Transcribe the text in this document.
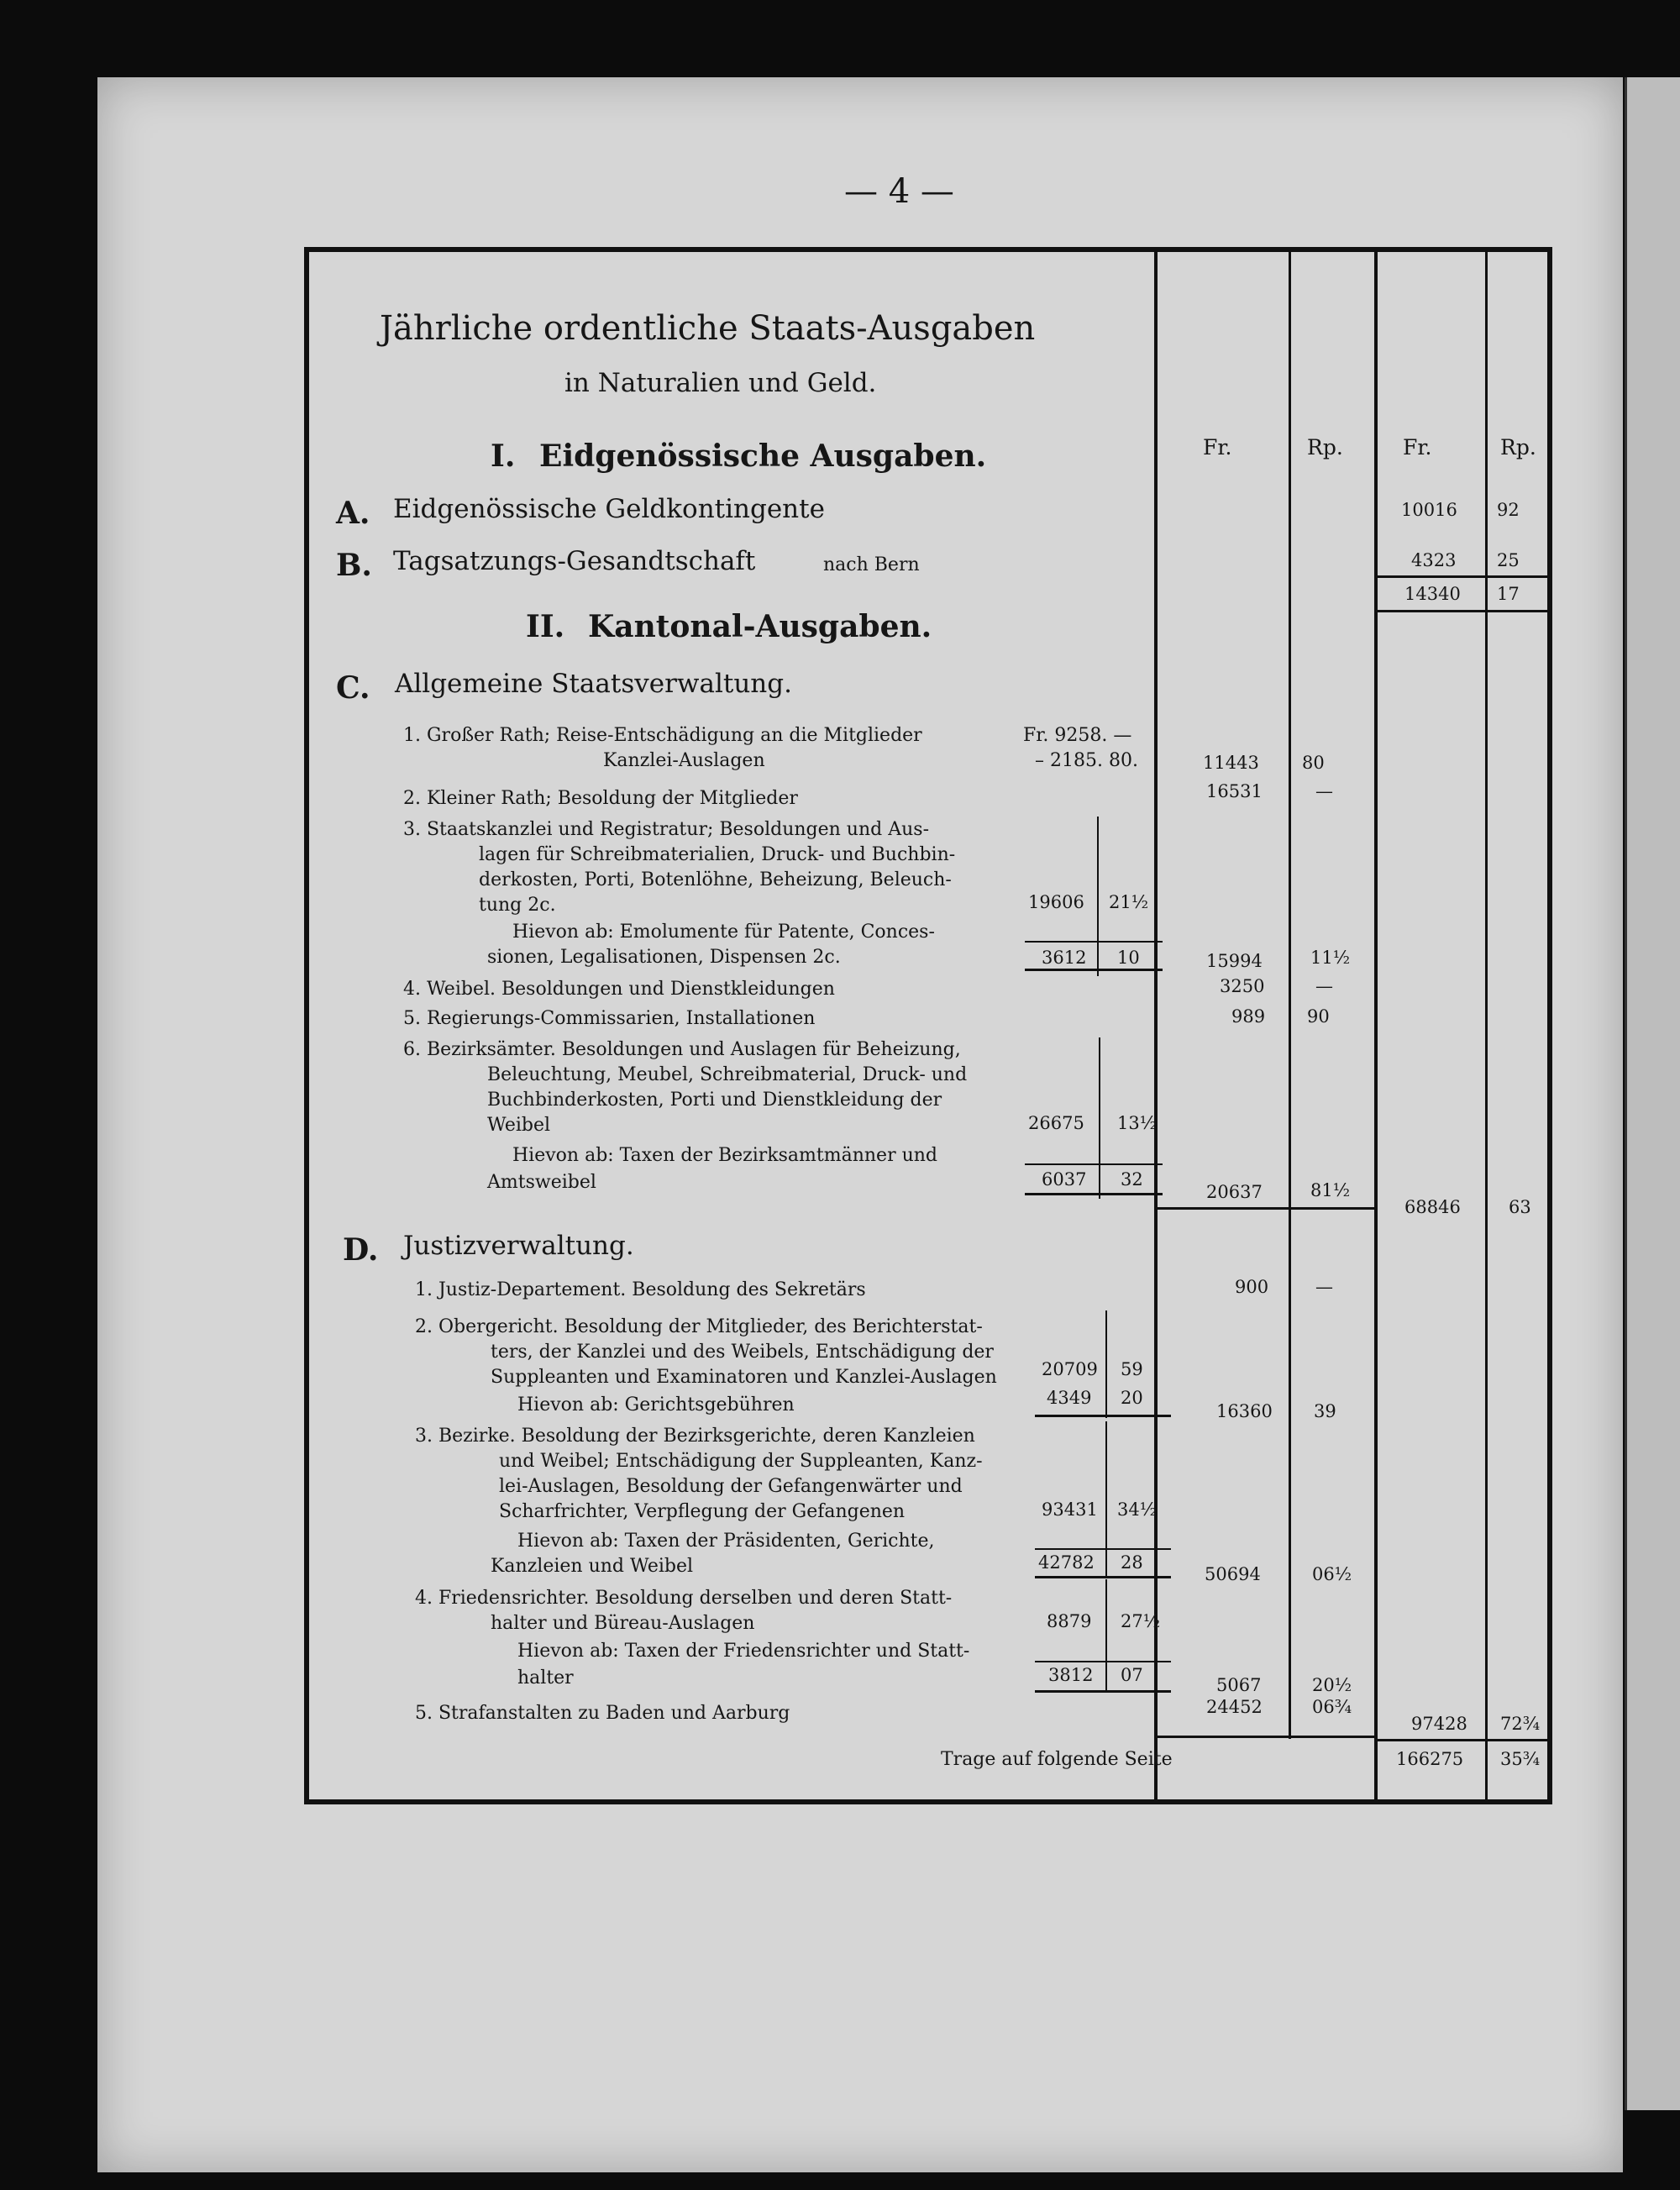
— 4 —
Jährliche ordentliche Staats-Ausgaben
in Naturalien und Geld.
Fr.	Rp.	Fr.	Rp.
I. Eidgenössische Ausgaben.
A. Eidgenössische Geldkontingente	10016 92
B. Tagsatzungs-Gesandtschaft	nach Bern	4323 25
14340 17
II. Kantonal-Ausgaben.
C. Allgemeine Staatsverwaltung.
1. Großer Rath; Reise-Entschädigung an die Mitglieder	Fr. 9258. —
Kanzlei-Auslagen	– 2185. 80.	11443 80
2. Kleiner Rath; Besoldung der Mitglieder	16531	—
3. Staatskanzlei und Registratur; Besoldungen und Aus-
lagen für Schreibmaterialien, Druck- und Buchbin-
derkosten, Porti, Botenlöhne, Beheizung, Beleuch-
tung 2c.	19606 21½
Hievon ab: Emolumente für Patente, Conces-
sionen, Legalisationen, Dispensen 2c.	3612 10	15994	11½
4. Weibel. Besoldungen und Dienstkleidungen	3250	—
5. Regierungs-Commissarien, Installationen	989 90
6. Bezirksämter. Besoldungen und Auslagen für Beheizung,
Beleuchtung, Meubel, Schreibmaterial, Druck- und
Buchbinderkosten, Porti und Dienstkleidung der
Weibel	26675 13½
Hievon ab: Taxen der Bezirksamtmänner und
Amtsweibel	6037 32
20637	81½
68846	63
D. Justizverwaltung.
1. Justiz-Departement. Besoldung des Sekretärs	900	—
2. Obergericht. Besoldung der Mitglieder, des Berichterstat-
ters, der Kanzlei und des Weibels, Entschädigung der
Suppleanten und Examinatoren und Kanzlei-Auslagen	20709 59
Hievon ab: Gerichtsgebühren	4349 20
16360 39
3. Bezirke. Besoldung der Bezirksgerichte, deren Kanzleien
und Weibel; Entschädigung der Suppleanten, Kanz-
lei-Auslagen, Besoldung der Gefangenwärter und
Scharfrichter, Verpflegung der Gefangenen	93431 34½
Hievon ab: Taxen der Präsidenten, Gerichte,
Kanzleien und Weibel	42782 28
50694	06½
4. Friedensrichter. Besoldung derselben und deren Statt-
halter und Büreau-Auslagen	8879 27½
Hievon ab: Taxen der Friedensrichter und Statt-
halter	3812 07	5067	20½
5. Strafanstalten zu Baden und Aarburg	24452	06¾
97428 72¾
Trage auf folgende Seite	166275 35¾
